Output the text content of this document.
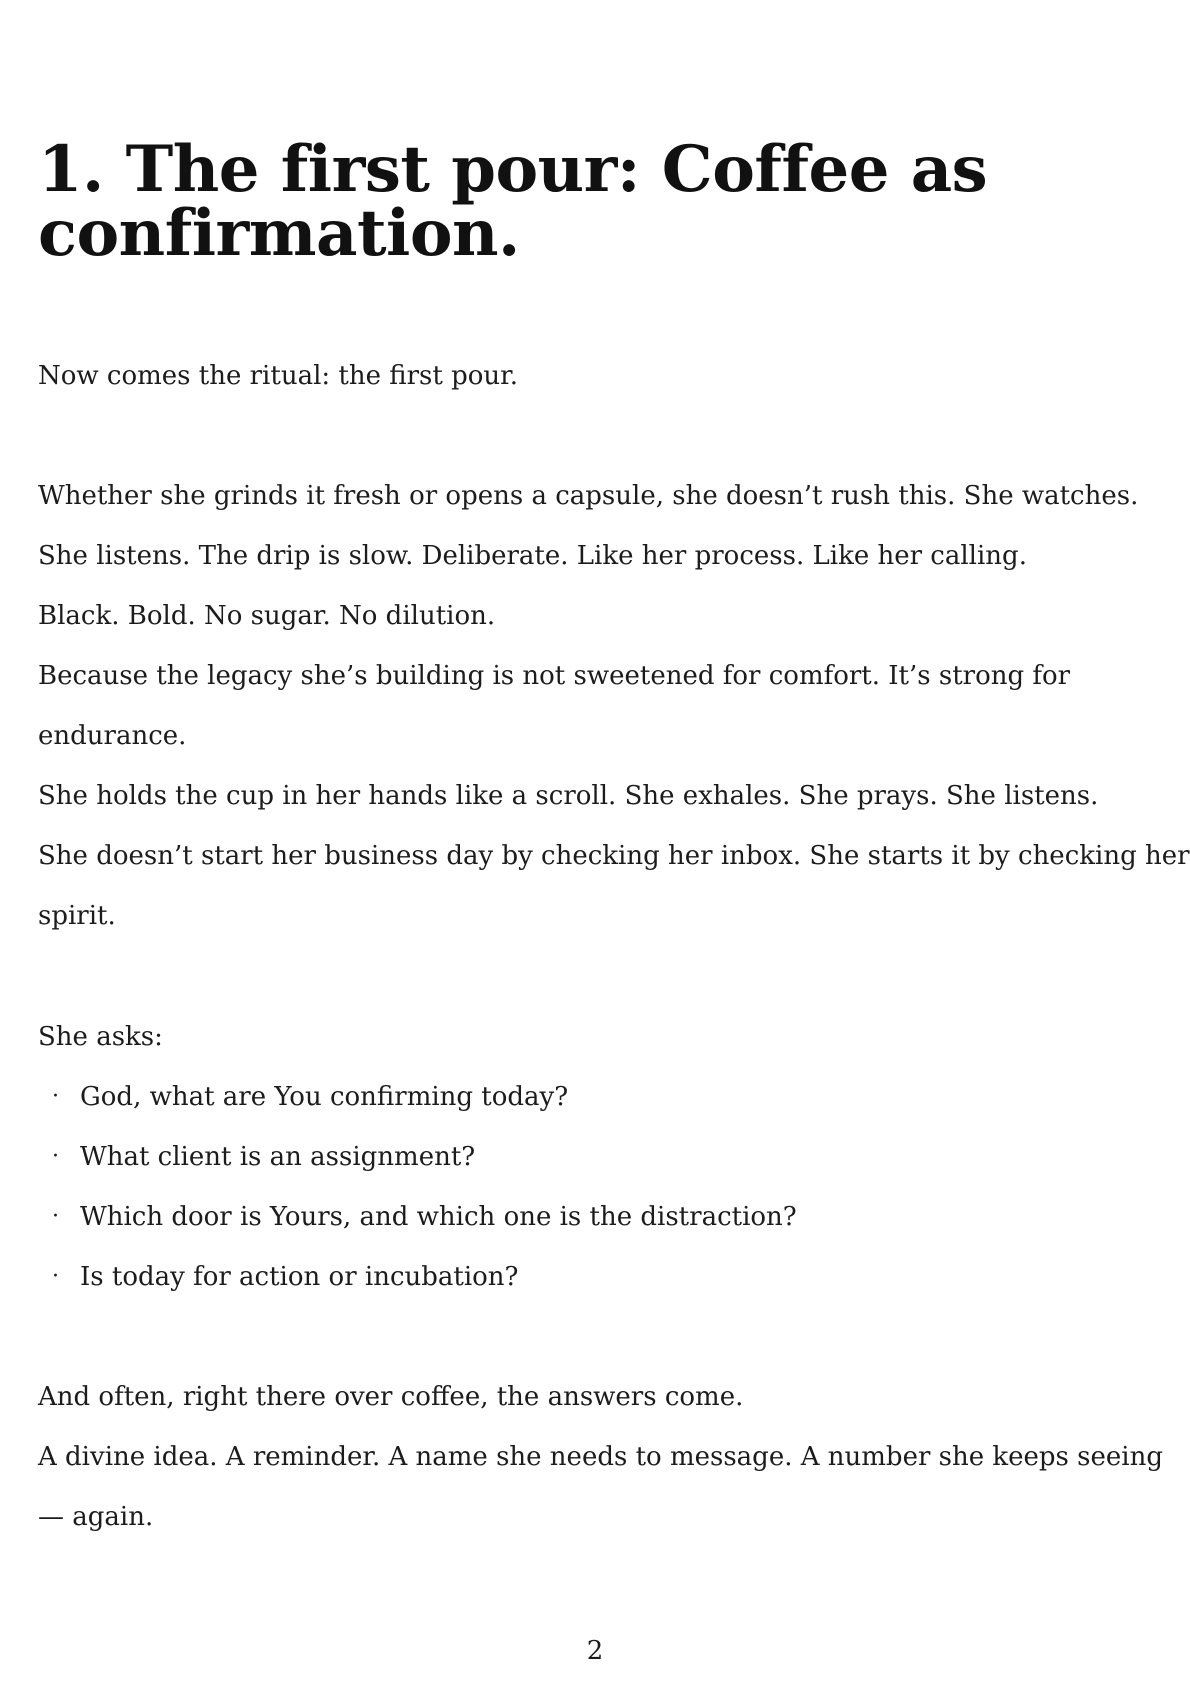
1. The first pour: Coffee as
confirmation.
Now comes the ritual: the first pour.
Whether she grinds it fresh or opens a capsule, she doesn’t rush this. She watches.
She listens. The drip is slow. Deliberate. Like her process. Like her calling.
Black. Bold. No sugar. No dilution.
Because the legacy she’s building is not sweetened for comfort. It’s strong for
endurance.
She holds the cup in her hands like a scroll. She exhales. She prays. She listens.
She doesn’t start her business day by checking her inbox. She starts it by checking her
spirit.
She asks:
· God, what are You confirming today?
· What client is an assignment?
· Which door is Yours, and which one is the distraction?
· Is today for action or incubation?
And often, right there over coffee, the answers come.
A divine idea. A reminder. A name she needs to message. A number she keeps seeing
— again.
2
